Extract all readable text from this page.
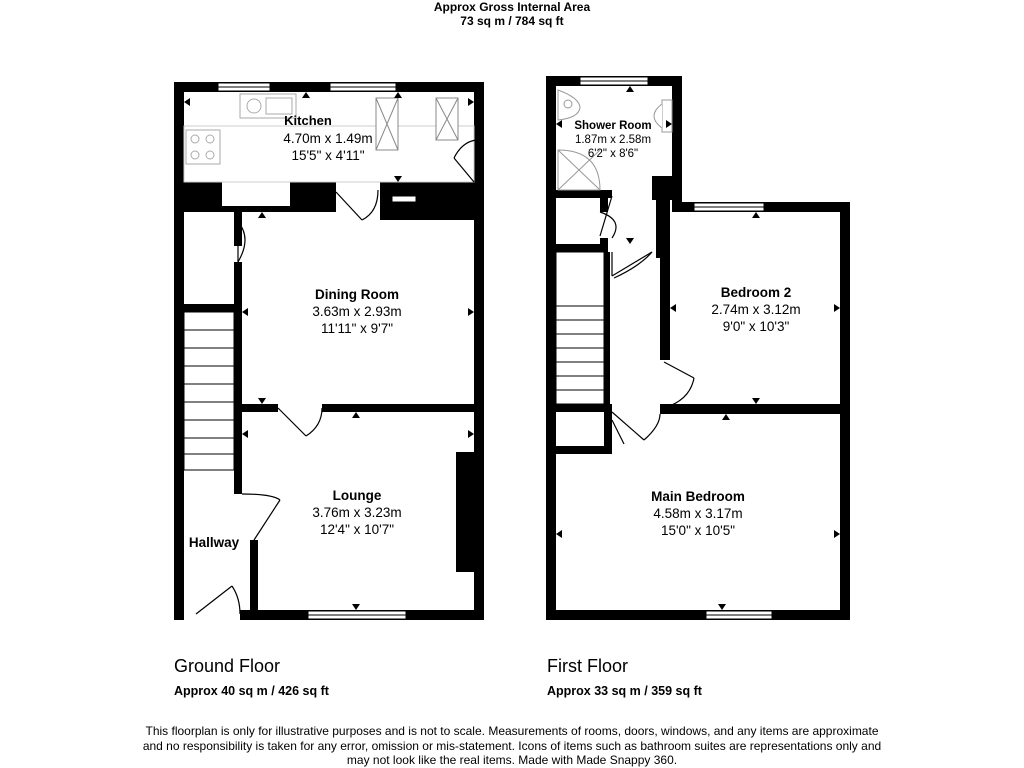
Approx Gross Internal Area
73 sq m / 784 sq ft
Kitchen
4.70m x 1.49m
15'5" x 4'11"
Dining Room
3.63m x 2.93m
11'11" x 9'7"
Lounge
3.76m x 3.23m
12'4" x 10'7"
Hallway
Shower Room
1.87m x 2.58m
6'2" x 8'6"
Bedroom 2
2.74m x 3.12m
9'0" x 10'3"
Main Bedroom
4.58m x 3.17m
15'0" x 10'5"
Ground Floor
Approx 40 sq m / 426 sq ft
First Floor
Approx 33 sq m / 359 sq ft
This floorplan is only for illustrative purposes and is not to scale. Measurements of rooms, doors, windows, and any items are approximate
and no responsibility is taken for any error, omission or mis-statement. Icons of items such as bathroom suites are representations only and
may not look like the real items. Made with Made Snappy 360.
